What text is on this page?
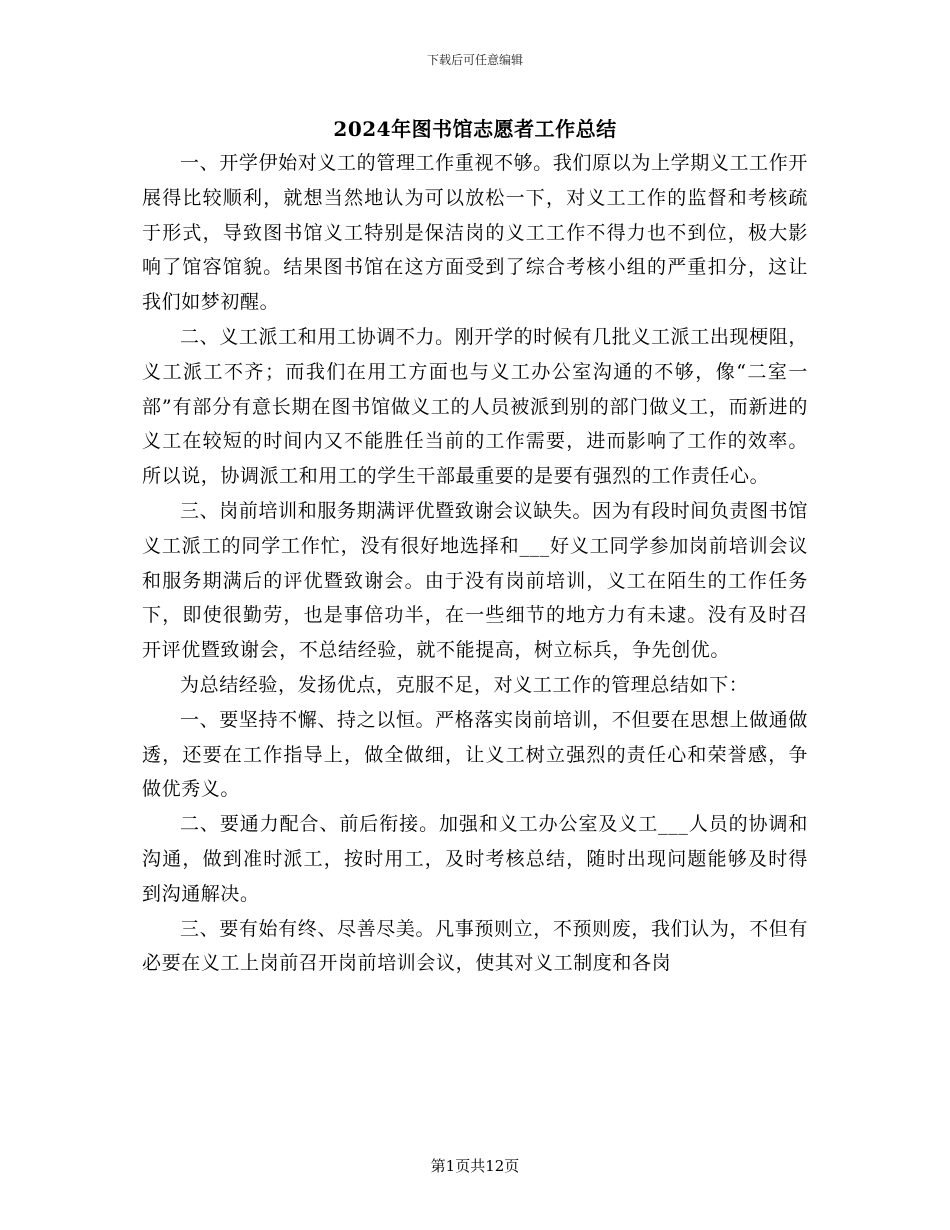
下载后可任意编辑
2024年图书馆志愿者工作总结

一、开学伊始对义工的管理工作重视不够。我们原以为上学期义工工作开展得比较顺利，就想当然地认为可以放松一下，对义工工作的监督和考核疏于形式，导致图书馆义工特别是保洁岗的义工工作不得力也不到位，极大影响了馆容馆貌。结果图书馆在这方面受到了综合考核小组的严重扣分，这让我们如梦初醒。

二、义工派工和用工协调不力。刚开学的时候有几批义工派工出现梗阻，义工派工不齐；而我们在用工方面也与义工办公室沟通的不够，像“二室一部”有部分有意长期在图书馆做义工的人员被派到别的部门做义工，而新进的义工在较短的时间内又不能胜任当前的工作需要，进而影响了工作的效率。所以说，协调派工和用工的学生干部最重要的是要有强烈的工作责任心。

三、岗前培训和服务期满评优暨致谢会议缺失。因为有段时间负责图书馆义工派工的同学工作忙，没有很好地选择和___好义工同学参加岗前培训会议和服务期满后的评优暨致谢会。由于没有岗前培训，义工在陌生的工作任务下，即使很勤劳，也是事倍功半，在一些细节的地方力有未逮。没有及时召开评优暨致谢会，不总结经验，就不能提高，树立标兵，争先创优。

为总结经验，发扬优点，克服不足，对义工工作的管理总结如下：

一、要坚持不懈、持之以恒。严格落实岗前培训，不但要在思想上做通做透，还要在工作指导上，做全做细，让义工树立强烈的责任心和荣誉感，争做优秀义。

二、要通力配合、前后衔接。加强和义工办公室及义工___人员的协调和沟通，做到准时派工，按时用工，及时考核总结，随时出现问题能够及时得到沟通解决。

三、要有始有终、尽善尽美。凡事预则立，不预则废，我们认为，不但有必要在义工上岗前召开岗前培训会议，使其对义工制度和各岗

第1页共12页
